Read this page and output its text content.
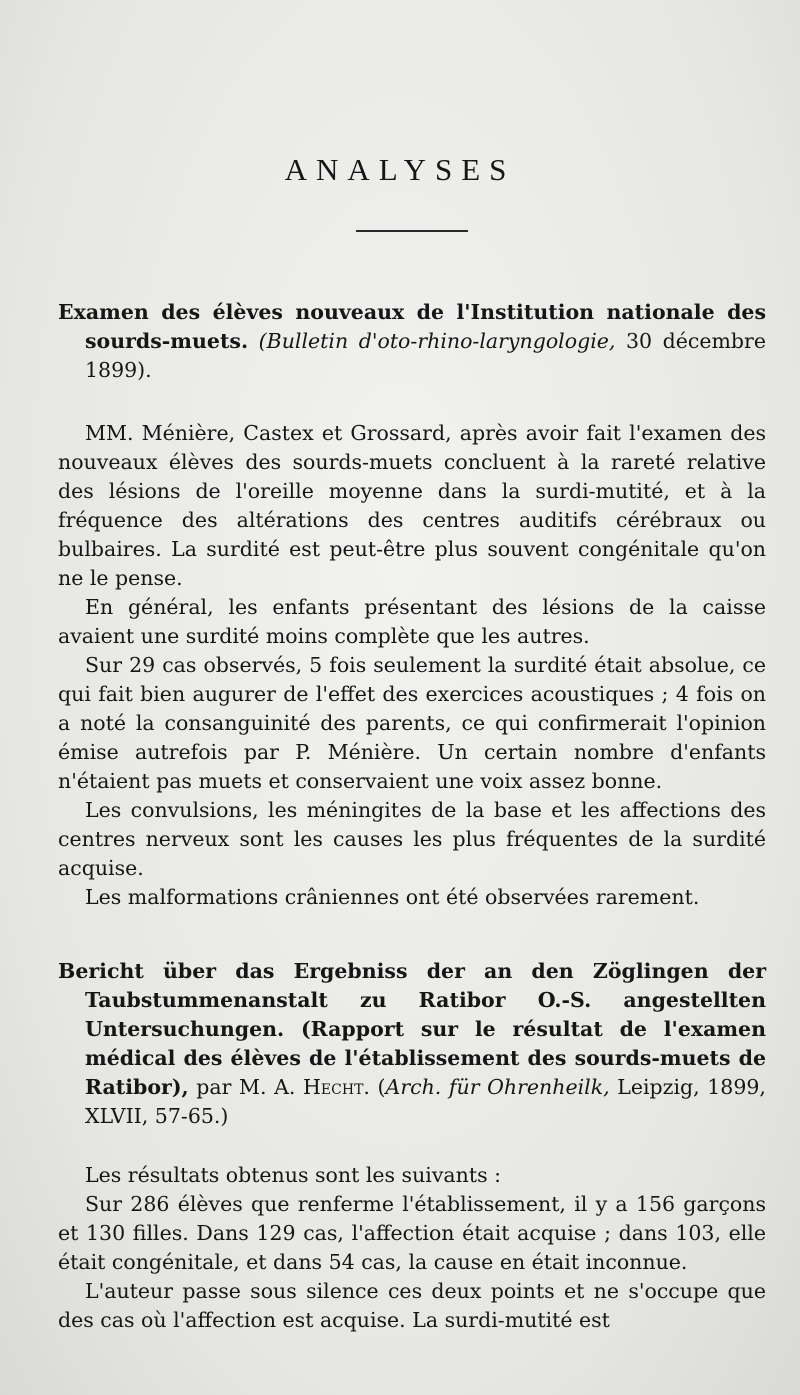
ANALYSES

Examen des élèves nouveaux de l'Institution nationale des sourds-muets. (Bulletin d'oto-rhino-laryngologie, 30 décembre 1899).

MM. Ménière, Castex et Grossard, après avoir fait l'examen des nouveaux élèves des sourds-muets concluent à la rareté relative des lésions de l'oreille moyenne dans la surdi-mutité, et à la fréquence des altérations des centres auditifs cérébraux ou bulbaires. La surdité est peut-être plus souvent congénitale qu'on ne le pense.

En général, les enfants présentant des lésions de la caisse avaient une surdité moins complète que les autres.

Sur 29 cas observés, 5 fois seulement la surdité était absolue, ce qui fait bien augurer de l'effet des exercices acoustiques ; 4 fois on a noté la consanguinité des parents, ce qui confirmerait l'opinion émise autrefois par P. Ménière. Un certain nombre d'enfants n'étaient pas muets et conservaient une voix assez bonne.

Les convulsions, les méningites de la base et les affections des centres nerveux sont les causes les plus fréquentes de la surdité acquise.

Les malformations crâniennes ont été observées rarement.

Bericht über das Ergebniss der an den Zöglingen der Taubstummenanstalt zu Ratibor O.-S. angestellten Untersuchungen. (Rapport sur le résultat de l'examen médical des élèves de l'établissement des sourds-muets de Ratibor), par M. A. Hecht. (Arch. für Ohrenheilk, Leipzig, 1899, XLVII, 57-65.)

Les résultats obtenus sont les suivants :

Sur 286 élèves que renferme l'établissement, il y a 156 garçons et 130 filles. Dans 129 cas, l'affection était acquise ; dans 103, elle était congénitale, et dans 54 cas, la cause en était inconnue.

L'auteur passe sous silence ces deux points et ne s'occupe que des cas où l'affection est acquise. La surdi-mutité est
